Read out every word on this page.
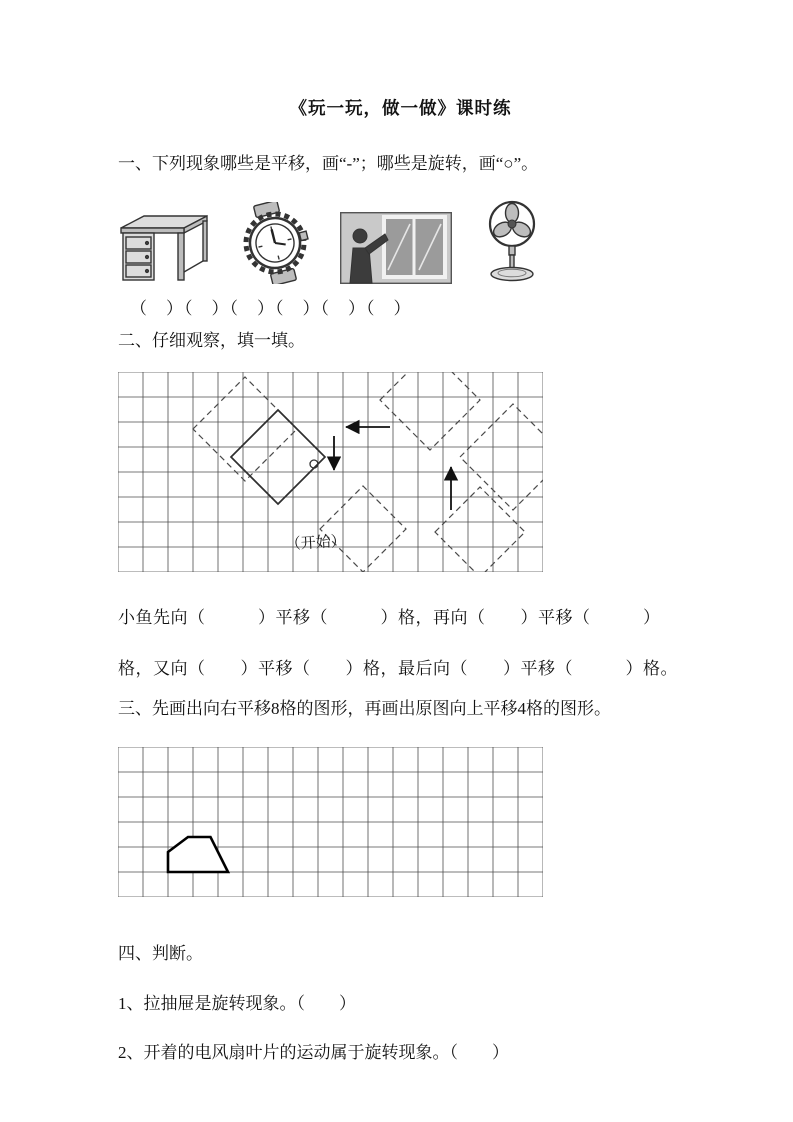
《玩一玩，做一做》课时练
一、下列现象哪些是平移，画“-”；哪些是旋转，画“○”。
（　）（　）（　）（　）（　）（　）
二、仔细观察，填一填。
（开始）
小鱼先向（　　　）平移（　　　）格，再向（　　）平移（　　　）
格，又向（　　）平移（　　）格，最后向（　　）平移（　　　）格。
三、先画出向右平移8格的图形，再画出原图向上平移4格的图形。
四、判断。
1、拉抽屉是旋转现象。（　　）
2、开着的电风扇叶片的运动属于旋转现象。（　　）
